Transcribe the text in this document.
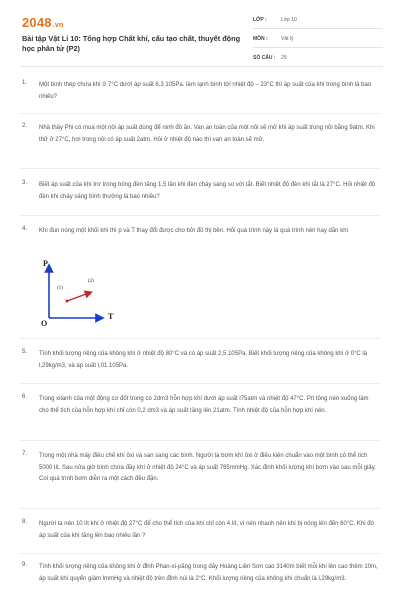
2048.vn
Bài tập Vật Lí 10: Tổng hợp Chất khí, cấu tạo chất, thuyết động học phân tử (P2)
LỚP :	Lớp 10
MÔN :	Vật lý
SỐ CÂU : 29
1. Một bình thép chứa khí ở 7°C dưới áp suất 6,3 105Pa. làm lạnh bình tới nhiệt độ – 23°C thì áp suất của khí trong bình là bao nhiêu?

2. Nhà thầy Phi có mua một nồi áp suất dùng để ninh đồ ăn. Van an toàn của một nồi sẽ mở khi áp suất trong nồi bằng 9atm. Khi thử ở 27°C, hơi trong nồi có áp suất 2atm. Hỏi ở nhiệt độ nào thì van an toàn sẽ mở.

3. Biết áp suất của khí trơ trong bóng đèn tăng 1,5 lần khi đèn cháy sáng so với tắt. Biết nhiệt độ đèn khi tắt là 27°C. Hỏi nhiệt độ đèn khi cháy sáng bình thường là bao nhiêu?

4. Khi đun nóng một khối khí thì p và T thay đổi được cho bởi đồ thị bên. Hỏi quá trình này là quá trình nén hay dãn khí

P
T
O
(1)
(2)
5. Tính khối lượng riêng của không khí ở nhiệt độ 80°C và có áp suất 2,5.105Pa. Biết khối lượng riêng của không khí ở 0°C là l,29kg/m3, và áp suất l,01.105Pa.

6. Trong xilanh của một động cơ đốt trong có 2dm3 hỗn hợp khí dưới áp suất l75atm và nhiệt độ 47°C. Pít tông nén xuống làm cho thể tích của hỗn hợp khí chỉ còn 0,2 dm3 và áp suất tăng lên 21atm. Tính nhiệt độ của hỗn hợp khí nén.

7. Trong một nhà máy điều chế khí ôxi và san sang các bình. Người ta bơm khí ôxi ở điều kiện chuẩn vào một bình có thể tích 5000 lít. Sau nửa giờ bình chứa đầy khí ở nhiệt độ 24°C và áp suất 765mmHg. Xác định khối lượng khí bơm vào sau mỗi giây. Coi quá trình bơm diễn ra một cách đều đặn.

8. Người ta nén 10 lít khí ở nhiệt độ 27°C để cho thể tích của khí chỉ còn 4 lít, vì nén nhanh nên khí bị nóng lên đến 60°C. Khi đó áp suất của khí tăng lên bao nhiêu lần ?

9. Tính khối lượng riêng của không khí ở đỉnh Phan-xi-păng trong dãy Hoàng Liên Sơn cao 3140m biết mỗi khi lên cao thêm 10m, áp suất khí quyển giảm lmmHg và nhiệt độ trên đỉnh núi là 2°C. Khối lượng riêng của không khí chuẩn là l,29kg/m3.
